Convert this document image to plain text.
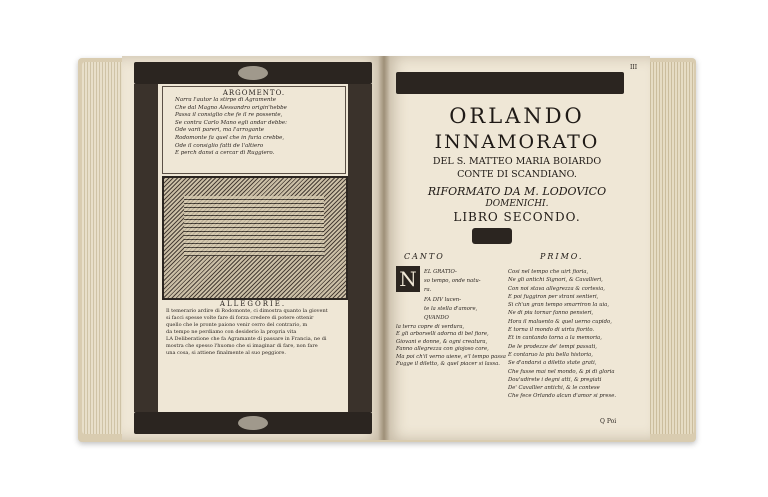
ARGOMENTO.
Narra l'autor la stirpe di Agramente
Che dal Magno Alessandro origin'hebbe
Passa il consiglio che fe il re possente,
Se contra Carlo Mano egli andar debbe:
Ode varii pareri, ma l'arrogante
Rodomonte fa quel che in furia crebbe,
Ode il consiglio fatti de l'altiero
E perch dansi a cercar di Ruggiero.
ALLEGORIE.
Il temerario ardire di Rodomonte, ci dimostra quanto la giovent
si facci spesse volte fare di forza credere di potere ottenir
quello che le pronte paiono venir cerro del contrario, m
da tempo ne perdiamo con desiderio la propria vita
LA Deliberatione che fa Agramante di passare in Francia, ne di
mostra che spesso l'huomo che si imaginar di fare, non fare
una cosa, si attiene finalmente al suo peggiore.
III
ORLANDO
INNAMORATO
DEL S. MATTEO MARIA BOIARDO
CONTE DI SCANDIANO.
RIFORMATO DA M. LODOVICO
DOMENICHI.
LIBRO SECONDO.
CANTO	PRIMO.
N	EL GRATIO-
so tempo, onde natu-
ra.
FA DIV lucen-
te la stella d'amore,
QVANDO
la terra copre di verdura,
E gli arborselli adorna di bel fiore,
Giovani e donne, & ogni creatura,
Fanno allegrezza con giojoso core,
Ma poi ch'il verno uiene, e'l tempo passa
Fugge il diletto, & quel piacer si lassa.
Cosi nel tempo che uirt fioria,
Ne gli antichi Signori, & Cavallieri,
Con noi stava allegrezza & cortesia,
E poi fuggiron per strani sentieri,
Si ch'un gran tempo smarriron la uia,
Ne di piu tornar fanno pensieri,
Hora il maluento & quel uerno cupido,
E torna il mondo di uirtu fiorito.
Et in cantando torna a la memoria,
De le prodezze de' tempi passati,
E contaruo la piu bella historia,
Se d'andarsi a diletto state grati,
Che fusse mai nel mondo, & pi di gloria
Dou'udirete i degni atti, & pregiati
De' Cavallier antichi, & le contese
Che fece Orlando alcun d'amor si prese.
Q Poi
